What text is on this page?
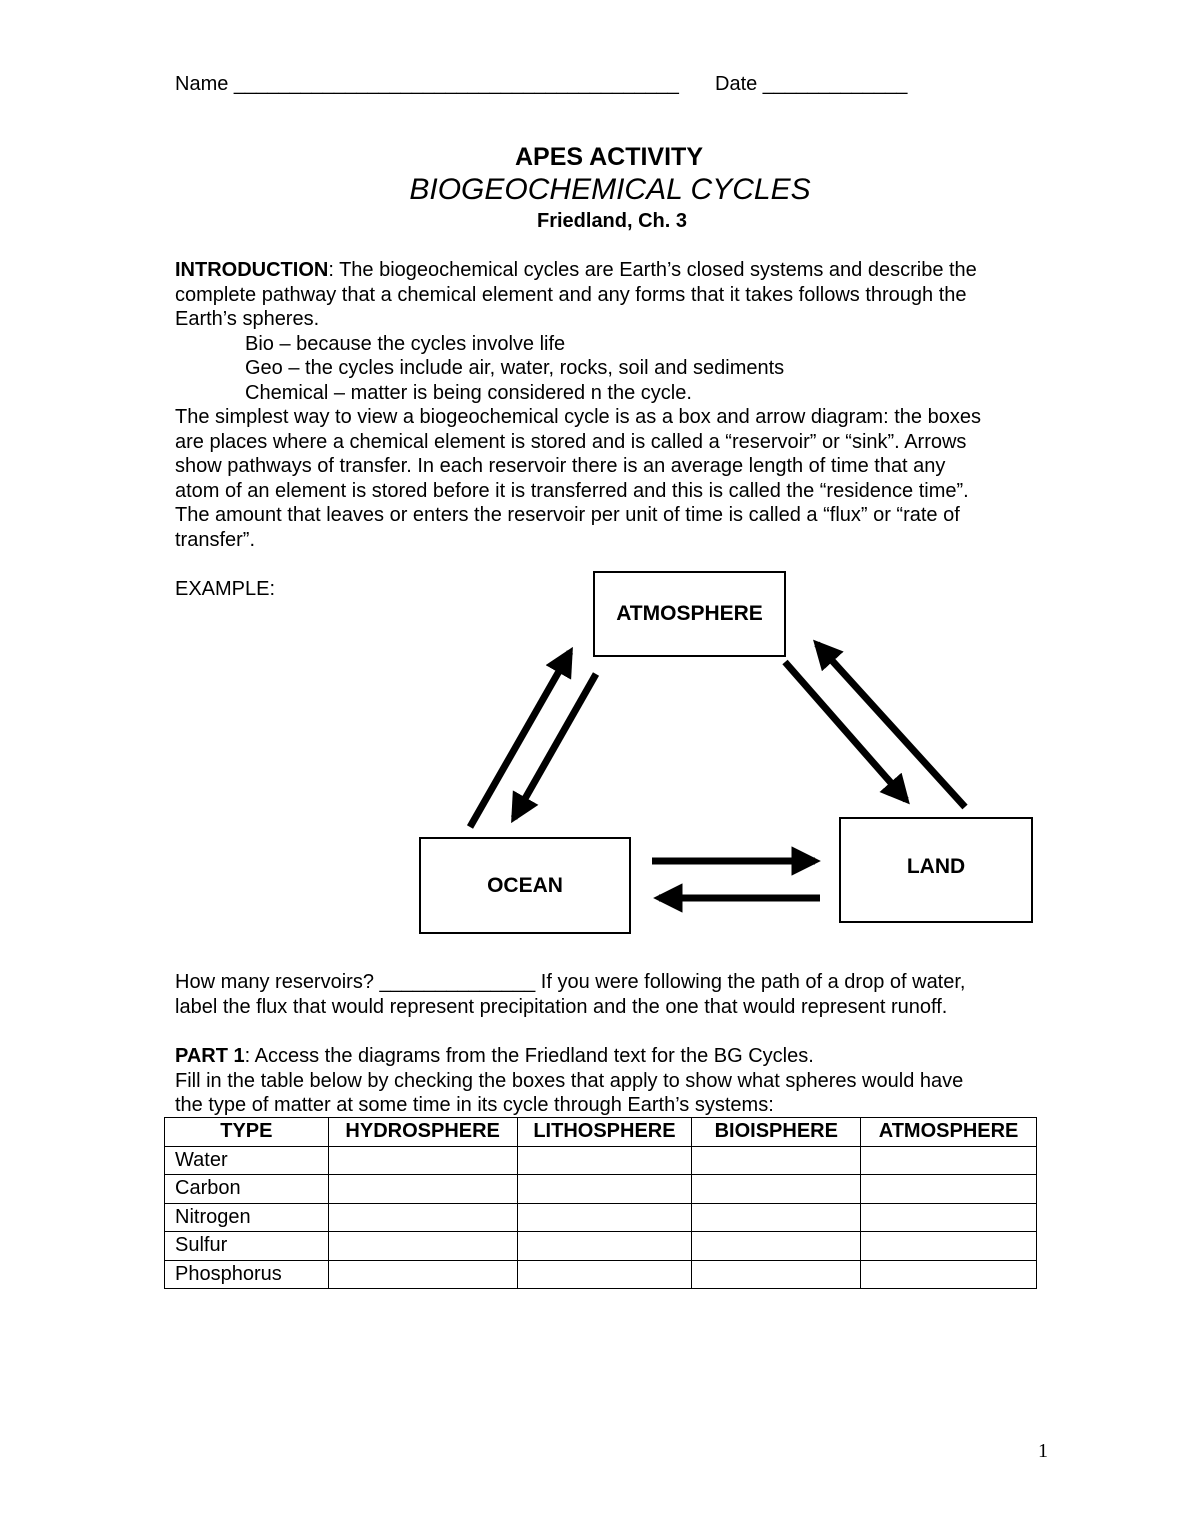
Name ________________________________________ Date _____________
APES ACTIVITY
BIOGEOCHEMICAL CYCLES
Friedland, Ch. 3
INTRODUCTION: The biogeochemical cycles are Earth’s closed systems and describe the
complete pathway that a chemical element and any forms that it takes follows through the
Earth’s spheres.
Bio – because the cycles involve life
Geo – the cycles include air, water, rocks, soil and sediments
Chemical – matter is being considered n the cycle.
The simplest way to view a biogeochemical cycle is as a box and arrow diagram: the boxes
are places where a chemical element is stored and is called a “reservoir” or “sink”. Arrows
show pathways of transfer. In each reservoir there is an average length of time that any
atom of an element is stored before it is transferred and this is called the “residence time”.
The amount that leaves or enters the reservoir per unit of time is called a “flux” or “rate of
transfer”.
EXAMPLE:
ATMOSPHERE
OCEAN
LAND
How many reservoirs? ______________ If you were following the path of a drop of water,
label the flux that would represent precipitation and the one that would represent runoff.
PART 1: Access the diagrams from the Friedland text for the BG Cycles.
Fill in the table below by checking the boxes that apply to show what spheres would have
the type of matter at some time in its cycle through Earth’s systems:
TYPE	HYDROSPHERE	LITHOSPHERE	BIOISPHERE	ATMOSPHERE
Water				
Carbon				
Nitrogen				
Sulfur				
Phosphorus				
1
